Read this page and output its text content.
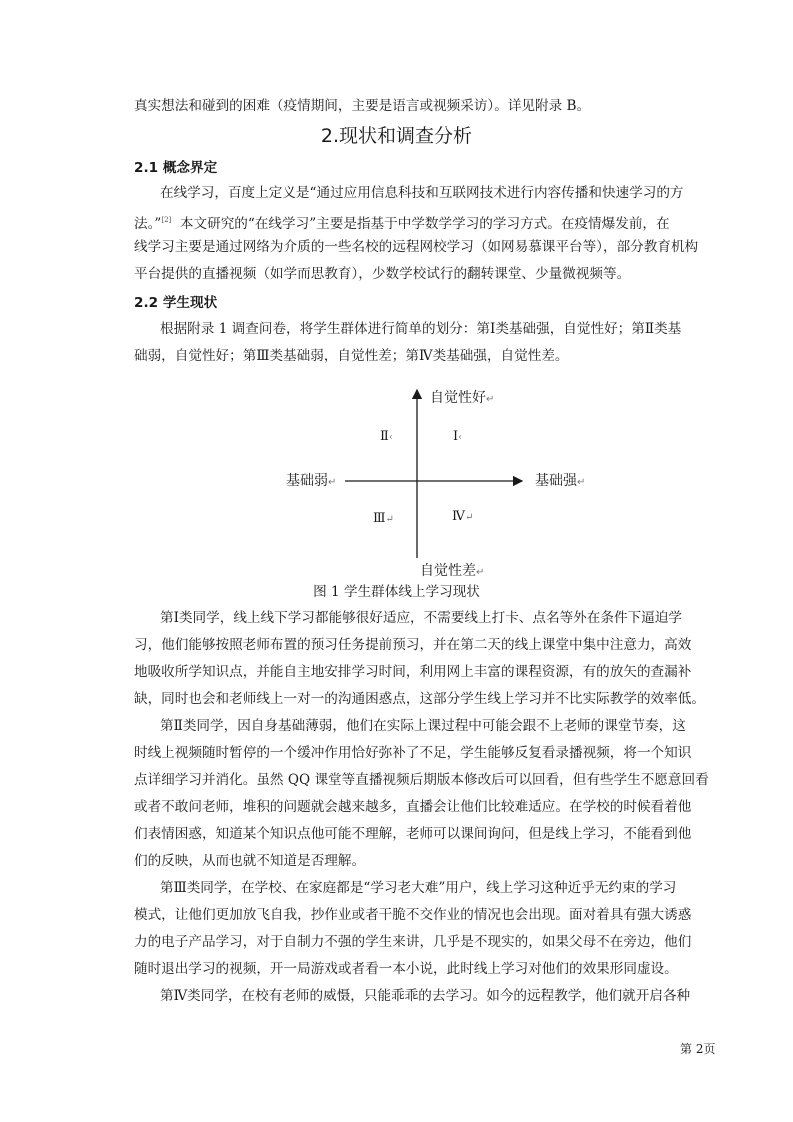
真实想法和碰到的困难（疫情期间，主要是语言或视频采访）。详见附录 B。
2.现状和调查分析
2.1 概念界定
在线学习，百度上定义是“通过应用信息科技和互联网技术进行内容传播和快速学习的方
法。”[2] 本文研究的“在线学习”主要是指基于中学数学学习的学习方式。在疫情爆发前，在
线学习主要是通过网络为介质的一些名校的远程网校学习（如网易慕课平台等），部分教育机构
平台提供的直播视频（如学而思教育），少数学校试行的翻转课堂、少量微视频等。
2.2 学生现状
根据附录 1 调查问卷，将学生群体进行简单的划分：第Ⅰ类基础强，自觉性好；第Ⅱ类基
础弱，自觉性好；第Ⅲ类基础弱，自觉性差；第Ⅳ类基础强，自觉性差。
自觉性好↵
自觉性差↵
基础弱↵	基础强↵
Ⅱ‹	Ⅰ‹
Ⅲ↵	Ⅳ↵
图 1 学生群体线上学习现状
第Ⅰ类同学，线上线下学习都能够很好适应，不需要线上打卡、点名等外在条件下逼迫学
习，他们能够按照老师布置的预习任务提前预习，并在第二天的线上课堂中集中注意力，高效
地吸收所学知识点，并能自主地安排学习时间，利用网上丰富的课程资源，有的放矢的查漏补
缺，同时也会和老师线上一对一的沟通困惑点，这部分学生线上学习并不比实际教学的效率低。
第Ⅱ类同学，因自身基础薄弱，他们在实际上课过程中可能会跟不上老师的课堂节奏，这
时线上视频随时暂停的一个缓冲作用恰好弥补了不足，学生能够反复看录播视频，将一个知识
点详细学习并消化。虽然 QQ 课堂等直播视频后期版本修改后可以回看，但有些学生不愿意回看
或者不敢问老师，堆积的问题就会越来越多，直播会让他们比较难适应。在学校的时候看着他
们表情困惑，知道某个知识点他可能不理解，老师可以课间询问，但是线上学习，不能看到他
们的反映，从而也就不知道是否理解。
第Ⅲ类同学，在学校、在家庭都是“学习老大难”用户，线上学习这种近乎无约束的学习
模式，让他们更加放飞自我，抄作业或者干脆不交作业的情况也会出现。面对着具有强大诱惑
力的电子产品学习，对于自制力不强的学生来讲，几乎是不现实的，如果父母不在旁边，他们
随时退出学习的视频，开一局游戏或者看一本小说，此时线上学习对他们的效果形同虚设。
第Ⅳ类同学，在校有老师的威慑，只能乖乖的去学习。如今的远程教学，他们就开启各种
第 2页
